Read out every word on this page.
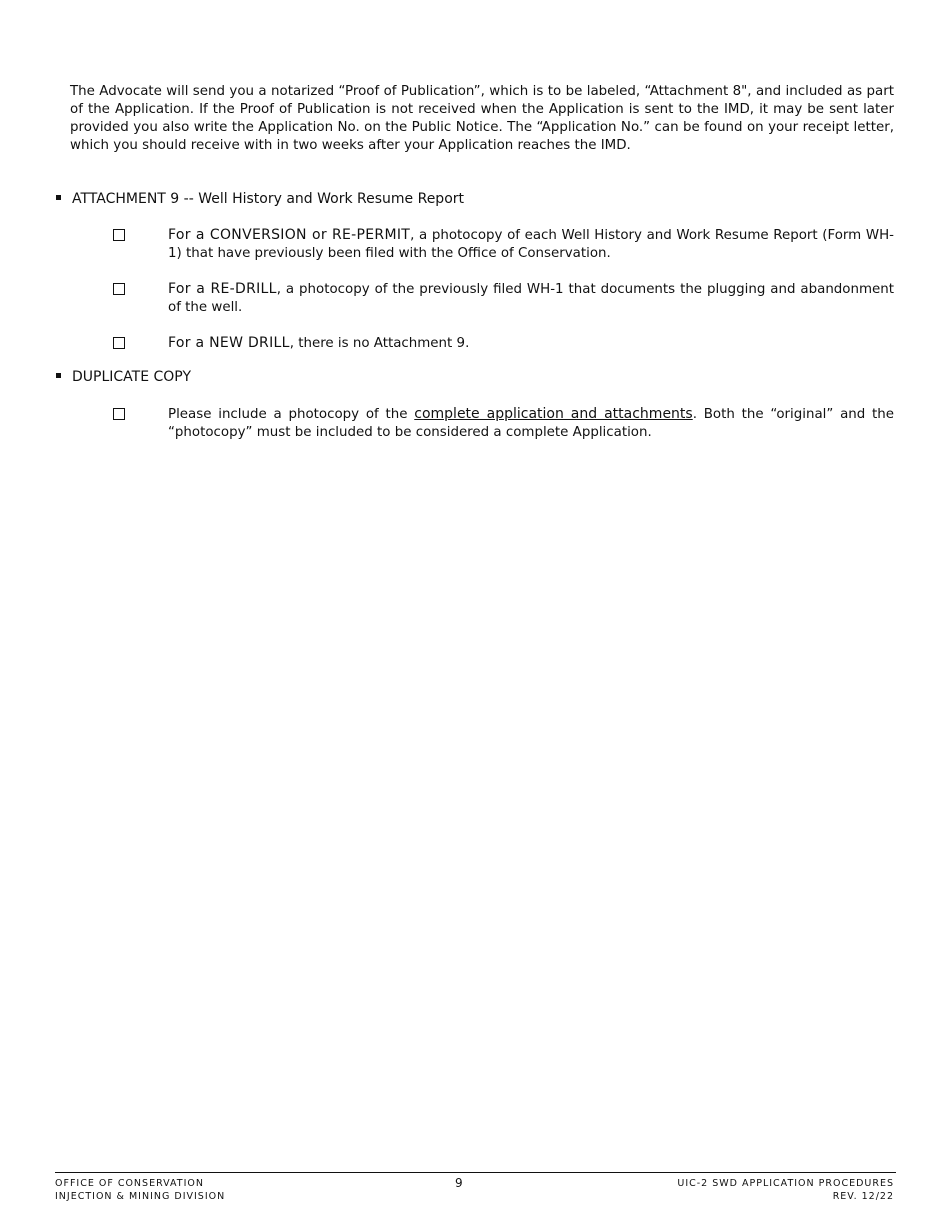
The Advocate will send you a notarized “Proof of Publication”, which is to be labeled, “Attachment 8", and included as part of the Application. If the Proof of Publication is not received when the Application is sent to the IMD, it may be sent later provided you also write the Application No. on the Public Notice. The “Application No.” can be found on your receipt letter, which you should receive with in two weeks after your Application reaches the IMD.
ATTACHMENT 9 -- Well History and Work Resume Report
For a CONVERSION or RE-PERMIT, a photocopy of each Well History and Work Resume Report (Form WH-1) that have previously been filed with the Office of Conservation.
For a RE-DRILL, a photocopy of the previously filed WH-1 that documents the plugging and abandonment of the well.
For a NEW DRILL, there is no Attachment 9.
DUPLICATE COPY
Please include a photocopy of the complete application and attachments. Both the “original” and the “photocopy” must be included to be considered a complete Application.
OFFICE OF CONSERVATION
INJECTION & MINING DIVISION
9	UIC-2 SWD APPLICATION PROCEDURES
REV. 12/22
